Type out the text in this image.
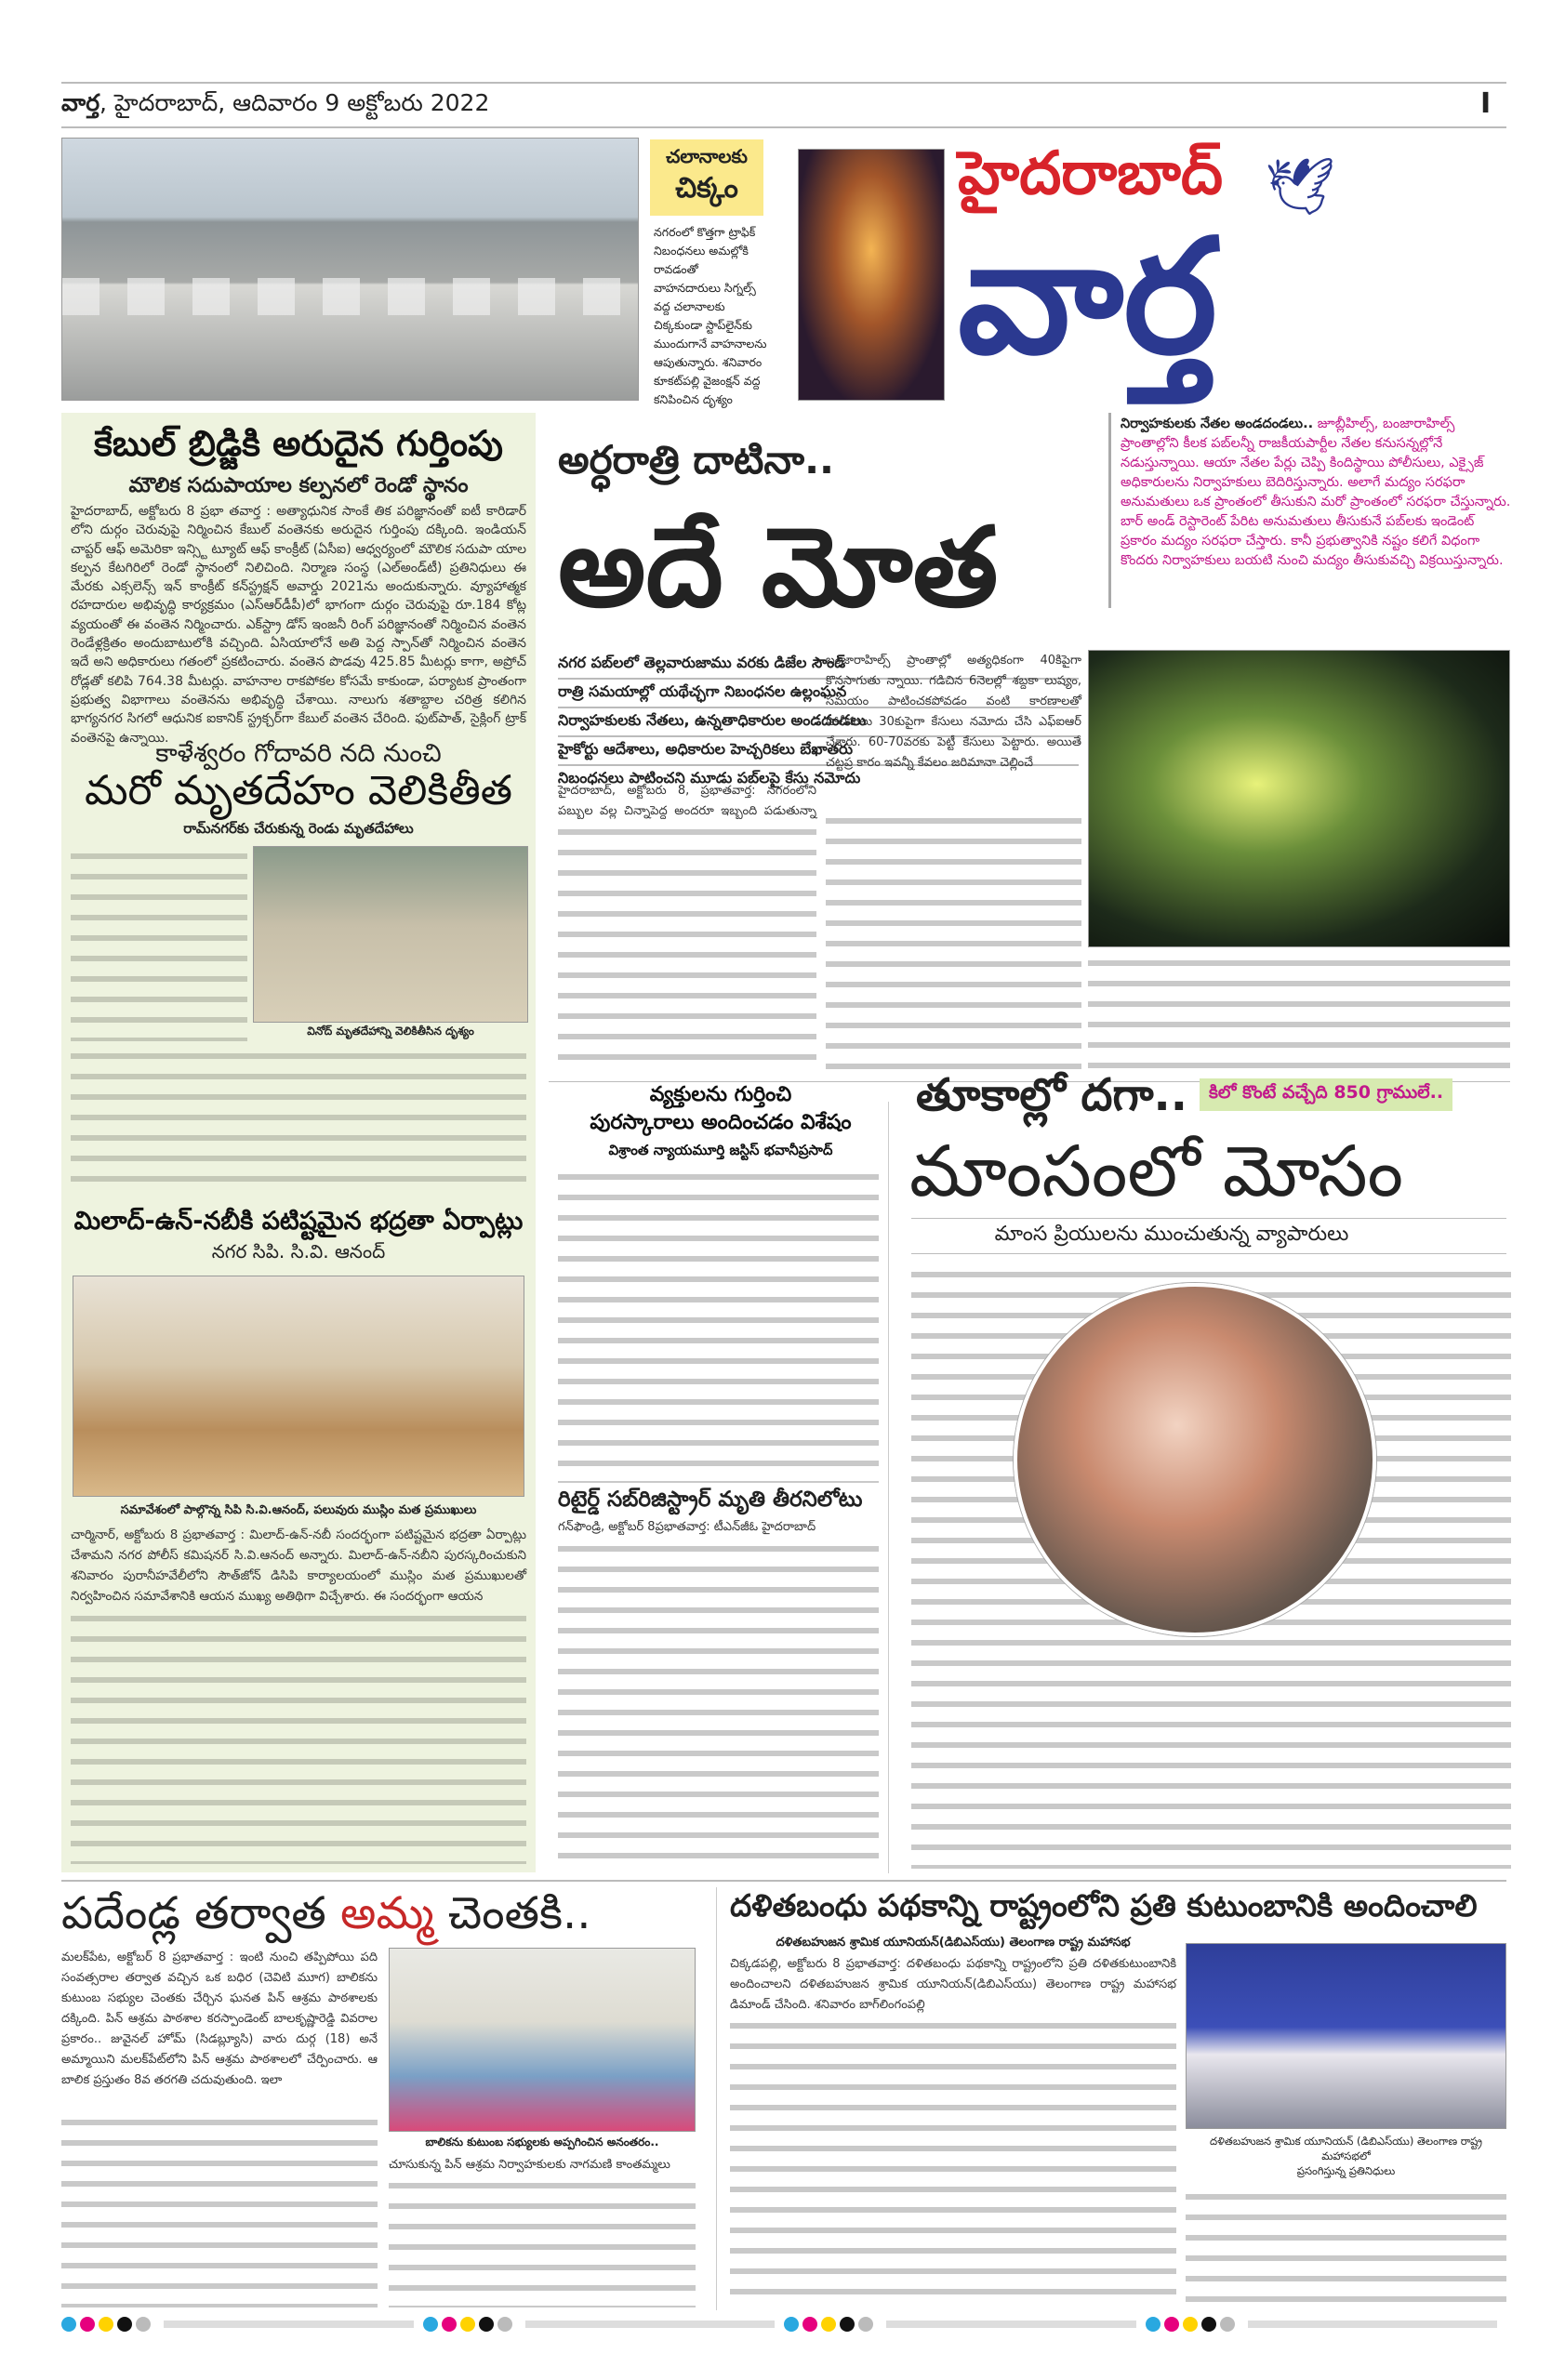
వార్త, హైదరాబాద్, ఆదివారం 9 అక్టోబరు 2022	I
చలానాలకు
చిక్కం
నగరంలో కొత్తగా ట్రాఫిక్ నిబంధనలు అమల్లోకి రావడంతో వాహనదారులు సిగ్నల్స్ వద్ద చలానాలకు చిక్కకుండా స్టాప్‌లైన్‌కు ముందుగానే వాహనాలను ఆపుతున్నారు. శనివారం కూకట్‌పల్లి వైజంక్షన్ వద్ద కనిపించిన దృశ్యం
హైదరాబాద్ 🕊
వార్త
కేబుల్ బ్రిడ్జికి అరుదైన గుర్తింపు
మౌలిక సదుపాయాల కల్పనలో రెండో స్థానం
హైదరాబాద్, అక్టోబరు 8 ప్రభా తవార్త : అత్యాధునిక సాంకే తిక పరిజ్ఞానంతో ఐటీ కారిడార్ లోని దుర్గం చెరువుపై నిర్మించిన కేబుల్ వంతెనకు అరుదైన గుర్తింపు దక్కింది. ఇండియన్ చాప్టర్ ఆఫ్ అమెరికా ఇన్స్టి ట్యూట్ ఆఫ్ కాంక్రీట్ (ఏసీఐ) ఆధ్వర్యంలో మౌలిక సదుపా యాల కల్పన కేటగిరిలో రెండో స్థానంలో నిలిచింది. నిర్మాణ సంస్థ (ఎల్అండ్‌టీ) ప్రతినిధులు ఈ మేరకు ఎక్సలెన్స్ ఇన్ కాంక్రీట్ కన్‌స్ట్రక్షన్ అవార్డు 2021ను అందుకున్నారు. వ్యూహాత్మక రహదారుల అభివృద్ధి కార్యక్రమం (ఎస్ఆర్‌డీపీ)లో భాగంగా దుర్గం చెరువుపై రూ.184 కోట్ల వ్యయంతో ఈ వంతెన నిర్మించారు. ఎక్‌స్ట్రా డోస్ ఇంజనీ రింగ్ పరిజ్ఞానంతో నిర్మించిన వంతెన రెండేళ్లక్రితం అందుబాటులోకి వచ్చింది. ఏసియాలోనే అతి పెద్ద స్పాన్‌తో నిర్మించిన వంతెన ఇదే అని అధికారులు గతంలో ప్రకటించారు. వంతెన పొడవు 425.85 మీటర్లు కాగా, అప్రోచ్ రోడ్లతో కలిపి 764.38 మీటర్లు. వాహనాల రాకపోకల కోసమే కాకుండా, పర్యాటక ప్రాంతంగా ప్రభుత్వ విభాగాలు వంతెనను అభివృద్ధి చేశాయి. నాలుగు శతాబ్దాల చరిత్ర కలిగిన భాగ్యనగర సిగలో ఆధునిక ఐకానిక్ స్ట్రక్చర్‌గా కేబుల్ వంతెన చేరింది. ఫుట్‌పాత్, సైక్లింగ్ ట్రాక్ వంతెనపై ఉన్నాయి.
కాళేశ్వరం గోదావరి నది నుంచి
మరో మృతదేహం వెలికితీత
రామ్‌నగర్‌కు చేరుకున్న రెండు మృతదేహాలు
వినోద్ మృతదేహాన్ని వెలికితీసిన దృశ్యం
మిలాద్-ఉన్-నబీకి పటిష్టమైన భద్రతా ఏర్పాట్లు
నగర సిపి. సి.వి. ఆనంద్
సమావేశంలో పాల్గొన్న సిపి సి.వి.ఆనంద్, పలువురు ముస్లిం మత ప్రముఖులు
చార్మినార్, అక్టోబరు 8 ప్రభాతవార్త : మిలాద్-ఉన్-నబీ సందర్భంగా పటిష్టమైన భద్రతా ఏర్పాట్లు చేశామని నగర పోలీస్ కమిషనర్ సి.వి.ఆనంద్ అన్నారు. మిలాద్-ఉన్-నబీని పురస్కరించుకుని శనివారం పురానీహవేలీలోని సౌత్‌జోన్ డిసిపి కార్యాలయంలో ముస్లిం మత ప్రముఖులతో నిర్వహించిన సమావేశానికి ఆయన ముఖ్య అతిథిగా విచ్చేశారు. ఈ సందర్భంగా ఆయన
అర్ధరాత్రి దాటినా..
అదే మోత
నగర పబ్‌లలో తెల్లవారుజాము వరకు డిజేల సౌండ్
రాత్రి సమయాల్లో యథేచ్ఛగా నిబంధనల ఉల్లంఘన
నిర్వాహకులకు నేతలు, ఉన్నతాధికారుల అండదండలు
హైకోర్టు ఆదేశాలు, అధికారుల హెచ్చరికలు బేఖాతరు
నిబంధనలు పాటించని మూడు పబ్‌లపై కేసు నమోదు
హైదరాబాద్, అక్టోబరు 8, ప్రభాతవార్త: నగరంలోని పబ్బుల వల్ల చిన్నాపెద్ద అందరూ ఇబ్బంది పడుతున్నా
బంజారాహిల్స్ ప్రాంతాల్లో అత్యధికంగా 40కిపైగా కొనసాగుతు న్నాయి. గడిచిన 6నెలల్లో శబ్దకా లుష్యం, సమయం పాటించకపోవడం వంటి కారణాలతో పోలీసులు 30కుపైగా కేసులు నమోదు చేసి ఎఫ్ఐఆర్ చేశారు. 60-70వరకు పెట్టీ కేసులు పెట్టారు. అయితే చట్టప్ర కారం ఇవన్నీ కేవలం జరిమానా చెల్లించే
నిర్వాహకులకు నేతల అండదండలు.. జూబ్లీహిల్స్, బంజారాహిల్స్ ప్రాంతాల్లోని కీలక పబ్‌లన్నీ రాజకీయపార్టీల నేతల కనుసన్నల్లోనే నడుస్తున్నాయి. ఆయా నేతల పేర్లు చెప్పి కిందిస్థాయి పోలీసులు, ఎక్సైజ్ అధికారులను నిర్వాహకులు బెదిరిస్తున్నారు. అలాగే మద్యం సరఫరా అనుమతులు ఒక ప్రాంతంలో తీసుకుని మరో ప్రాంతంలో సరఫరా చేస్తున్నారు. బార్ అండ్ రెస్టారెంట్ పేరిట అనుమతులు తీసుకునే పబ్‌లకు ఇండెంట్ ప్రకారం మద్యం సరఫరా చేస్తారు. కానీ ప్రభుత్వానికి నష్టం కలిగే విధంగా కొందరు నిర్వాహకులు బయటి నుంచి మద్యం తీసుకువచ్చి విక్రయిస్తున్నారు.
వ్యక్తులను గుర్తించి
పురస్కారాలు అందించడం విశేషం
విశ్రాంత న్యాయమూర్తి జస్టిస్ భవానీప్రసాద్
రిటైర్డ్ సబ్‌రిజిస్ట్రార్ మృతి తీరనిలోటు
గన్‌ఫౌండ్రి, అక్టోబర్ 8ప్రభాతవార్త: టీఎన్‌జీఓ హైదరాబాద్
తూకాల్లో దగా..	కిలో కొంటే వచ్చేది 850 గ్రాములే..
మాంసంలో మోసం
మాంస ప్రియులను ముంచుతున్న వ్యాపారులు
పదేండ్ల తర్వాత అమ్మ చెంతకి..
మలక్‌పేట, అక్టోబర్ 8 ప్రభాతవార్త : ఇంటి నుంచి తప్పిపోయి పది సంవత్సరాల తర్వాత వచ్చిన ఒక బధిర (చెవిటి మూగ) బాలికను కుటుంబ సభ్యుల చెంతకు చేర్చిన ఘనత పిన్ ఆశ్రమ పాఠశాలకు దక్కింది. పిన్ ఆశ్రమ పాఠశాల కరస్పాండెంట్ బాలకృష్ణారెడ్డి వివరాల ప్రకారం.. జువైనల్ హోమ్ (సిడబ్ల్యూసి) వారు దుర్గ (18) అనే అమ్మాయిని మలక్‌పేట్‌లోని పిన్ ఆశ్రమ పాఠశాలలో చేర్పించారు. ఆ బాలిక ప్రస్తుతం 8వ తరగతి చదువుతుంది. ఇలా
బాలికను కుటుంబ సభ్యులకు అప్పగించిన అనంతరం..
చూసుకున్న పిన్ ఆశ్రమ నిర్వాహకులకు నాగమణి కాంతమ్మలు
దళితబంధు పథకాన్ని రాష్ట్రంలోని ప్రతి కుటుంబానికి అందించాలి
దళితబహుజన శ్రామిక యూనియన్(డిబిఎస్‌యు) తెలంగాణ రాష్ట్ర మహాసభ
చిక్కడపల్లి, అక్టోబరు 8 ప్రభాతవార్త: దళితబంధు పథకాన్ని రాష్ట్రంలోని ప్రతి దళితకుటుంబానికి అందించాలని దళితబహుజన శ్రామిక యూనియన్(డిబిఎస్‌యు) తెలంగాణ రాష్ట్ర మహాసభ డిమాండ్ చేసింది. శనివారం బాగ్‌లింగంపల్లి
దళితబహుజన శ్రామిక యూనియన్ (డిబిఎస్‌యు) తెలంగాణ రాష్ట్ర మహాసభలో
ప్రసంగిస్తున్న ప్రతినిధులు
